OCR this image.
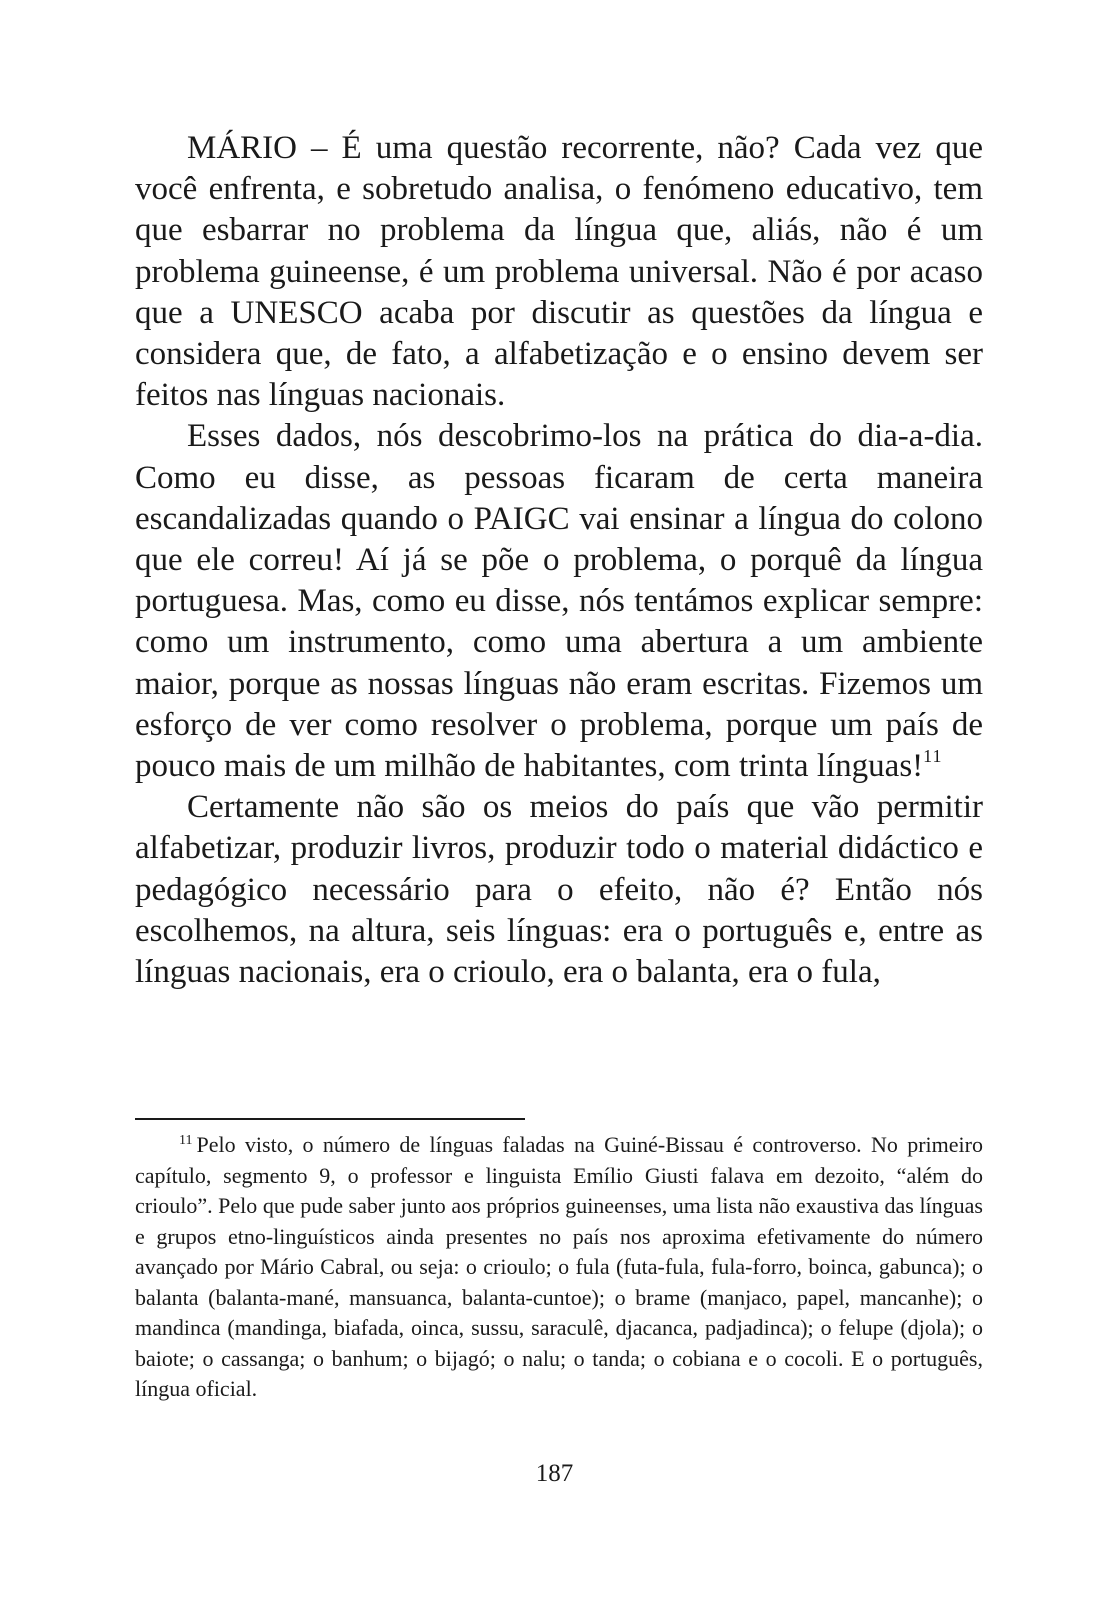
MÁRIO – É uma questão recorrente, não? Cada vez que você enfrenta, e sobretudo analisa, o fenómeno educativo, tem que esbarrar no problema da língua que, aliás, não é um problema guineense, é um problema universal. Não é por acaso que a UNESCO acaba por discutir as questões da língua e considera que, de fato, a alfabetização e o ensino devem ser feitos nas línguas nacionais.

Esses dados, nós descobrimo-los na prática do dia-a-dia. Como eu disse, as pessoas ficaram de certa maneira escandalizadas quando o PAIGC vai ensinar a língua do colono que ele correu! Aí já se põe o problema, o porquê da língua portuguesa. Mas, como eu disse, nós tentámos explicar sempre: como um instrumento, como uma abertura a um ambiente maior, porque as nossas línguas não eram escritas. Fizemos um esforço de ver como resolver o problema, porque um país de pouco mais de um milhão de habitantes, com trinta línguas!$^{11}$

Certamente não são os meios do país que vão permitir alfabetizar, produzir livros, produzir todo o material didáctico e pedagógico necessário para o efeito, não é? Então nós escolhemos, na altura, seis línguas: era o português e, entre as línguas nacionais, era o crioulo, era o balanta, era o fula,

$^{11}$ Pelo visto, o número de línguas faladas na Guiné-Bissau é controverso. No primeiro capítulo, segmento 9, o professor e linguista Emílio Giusti falava em dezoito, “além do crioulo”. Pelo que pude saber junto aos próprios guineenses, uma lista não exaustiva das línguas e grupos etno-linguísticos ainda presentes no país nos aproxima efetivamente do número avançado por Mário Cabral, ou seja: o crioulo; o fula (futa-fula, fula-forro, boinca, gabunca); o balanta (balanta-mané, mansuanca, balanta-cuntoe); o brame (manjaco, papel, mancanhe); o mandinca (mandinga, biafada, oinca, sussu, saraculê, djacanca, padjadinca); o felupe (djola); o baiote; o cassanga; o banhum; o bijagó; o nalu; o tanda; o cobiana e o cocoli. E o português, língua oficial.
187
